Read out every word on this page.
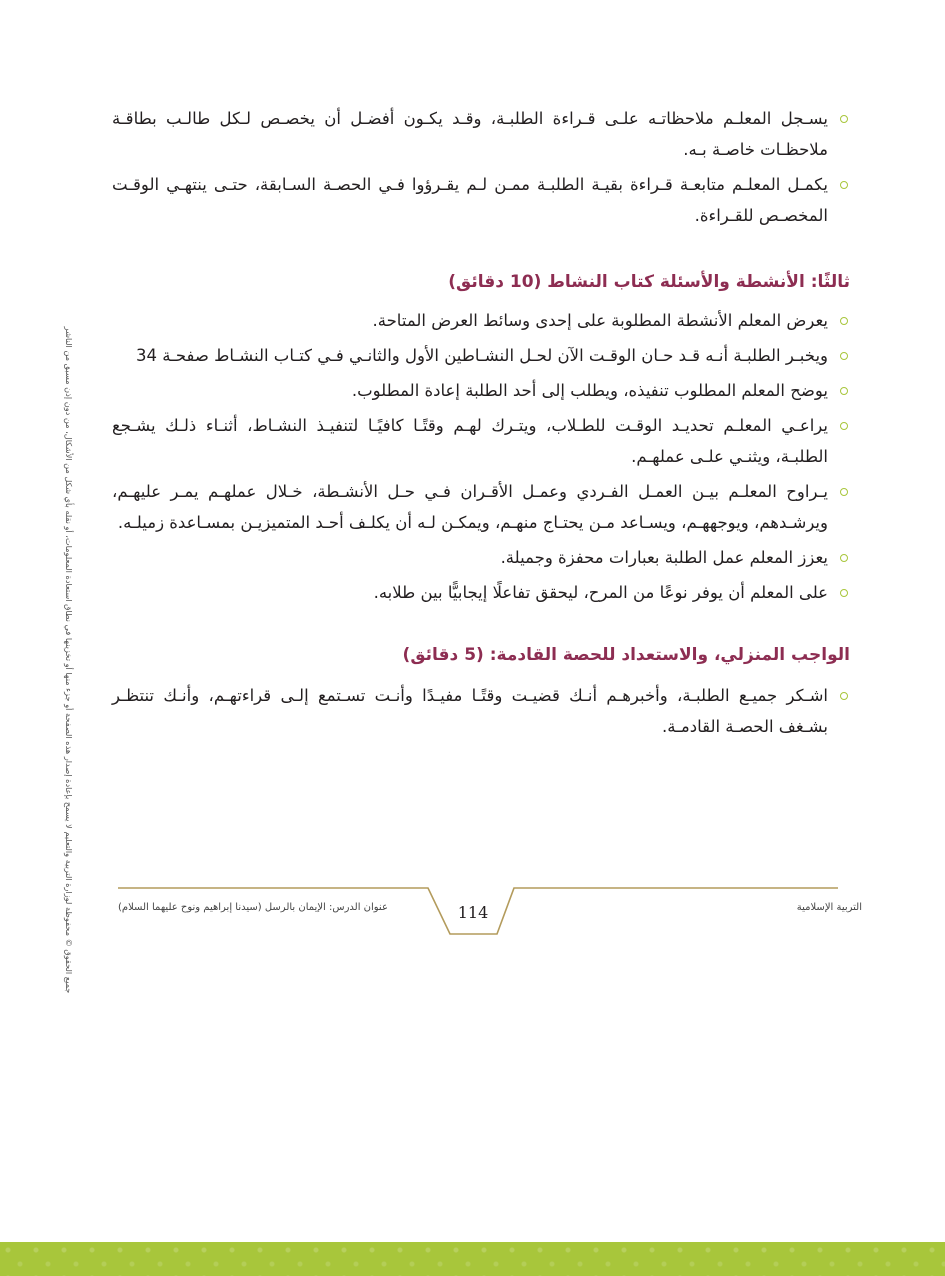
جميع الحقوق © محفوظة لوزارة التربية والتعليم لا يسمح بإعادة إصدار هذه الصفحة أو جزء منها أو تخزينها في نطاق استعادة المعلومات، أو نقله بأي شكل من الأشكال، من دون إذن مسبق من الناشر

يسـجل المعلـم ملاحظاتـه علـى قـراءة الطلبـة، وقـد يكـون أفضـل أن يخصـص لـكل طالـب بطاقـة ملاحظـات خاصـة بـه.

يكمـل المعلـم متابعـة قـراءة بقيـة الطلبـة ممـن لـم يقـرؤوا فـي الحصـة السـابقة، حتـى ينتهـي الوقـت المخصـص للقـراءة.

ثالثًا: الأنشطة والأسئلة كتاب النشاط (10 دقائق)

يعرض المعلم الأنشطة المطلوبة على إحدى وسائط العرض المتاحة.

ويخبـر الطلبـة أنـه قـد حـان الوقـت الآن لحـل النشـاطين الأول والثانـي فـي كتـاب النشـاط صفحـة 34

يوضح المعلم المطلوب تنفيذه، ويطلب إلى أحد الطلبة إعادة المطلوب.

يراعـي المعلـم تحديـد الوقـت للطـلاب، ويتـرك لهـم وقتًـا كافيًـا لتنفيـذ النشـاط، أثنـاء ذلـك يشـجع الطلبـة، ويثنـي علـى عملهـم.

يـراوح المعلـم بيـن العمـل الفـردي وعمـل الأقـران فـي حـل الأنشـطة، خـلال عملهـم يمـر عليهـم، ويرشـدهم، ويوجههـم، ويسـاعد مـن يحتـاج منهـم، ويمكـن لـه أن يكلـف أحـد المتميزيـن بمسـاعدة زميلـه.

يعزز المعلم عمل الطلبة بعبارات محفزة وجميلة.

على المعلم أن يوفر نوعًا من المرح، ليحقق تفاعلًا إيجابيًّا بين طلابه.

الواجب المنزلي، والاستعداد للحصة القادمة: (5 دقائق)

اشـكر جميـع الطلبـة، وأخبرهـم أنـك قضيـت وقتًـا مفيـدًا وأنـت تسـتمع إلـى قراءتهـم، وأنـك تنتظـر بشـغف الحصـة القادمـة.

عنوان الدرس: الإيمان بالرسل (سيدنا إبراهيم ونوح عليهما السلام)	114	التربية الإسلامية
